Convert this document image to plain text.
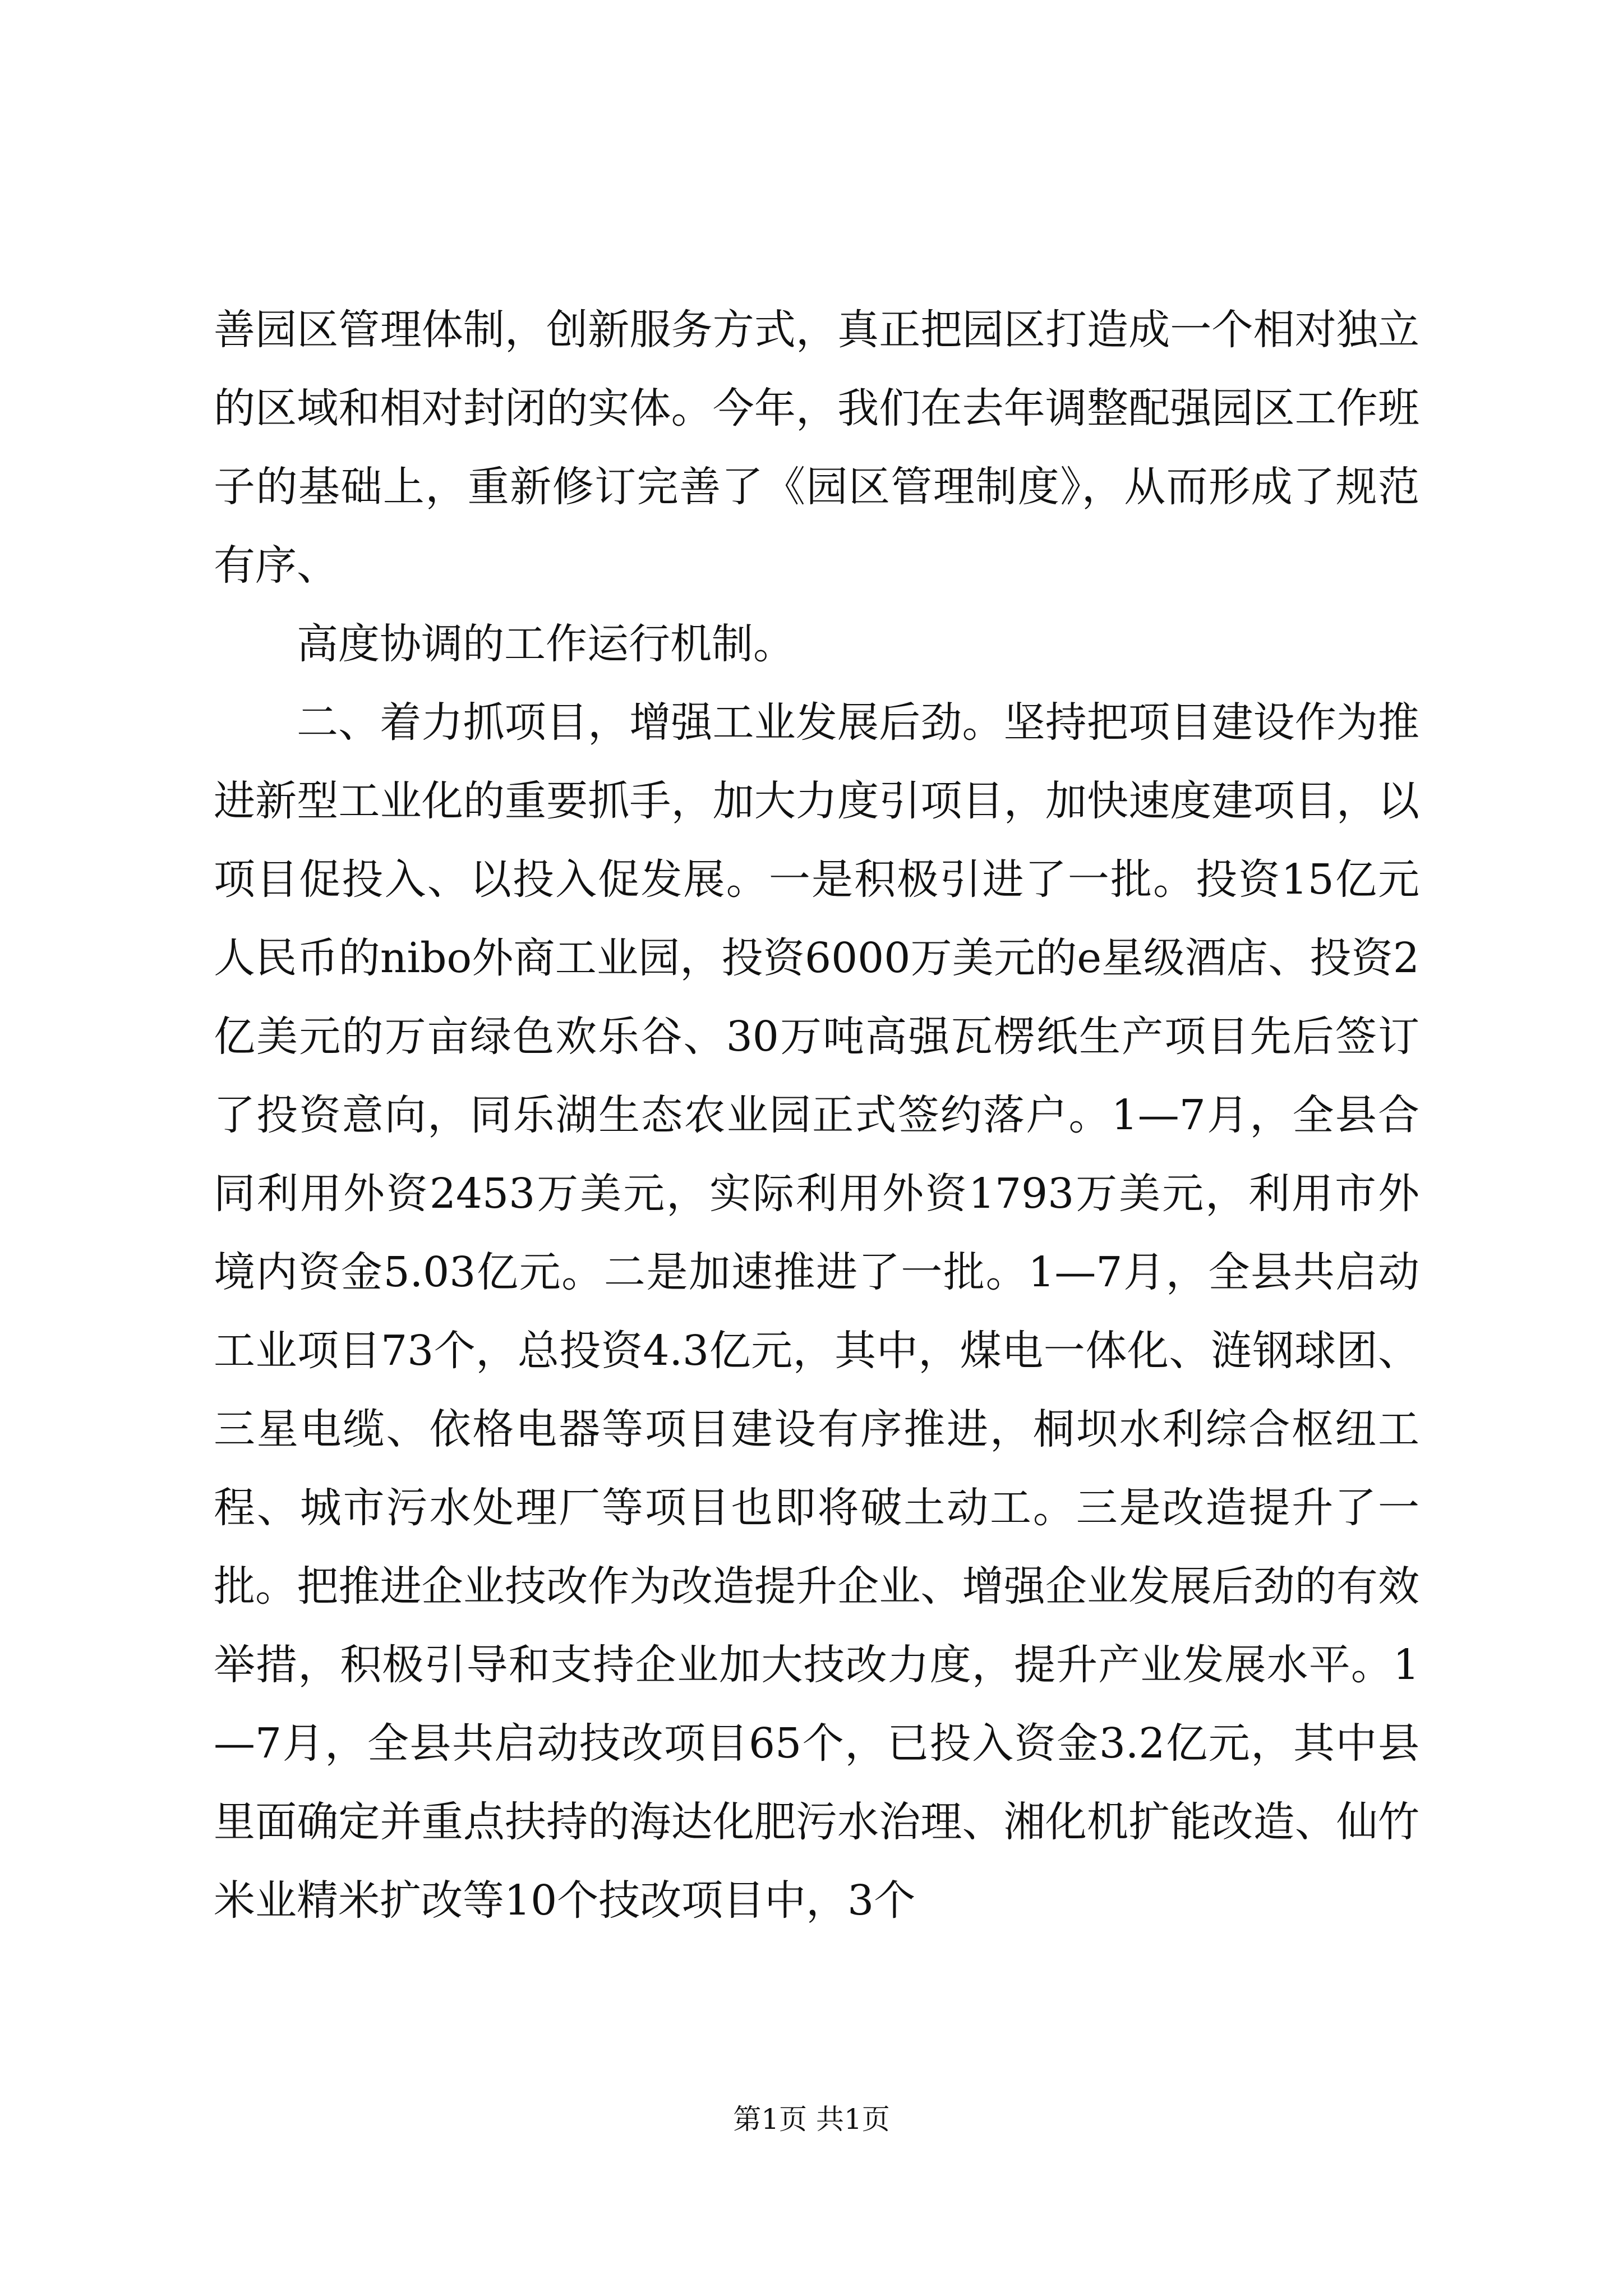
善园区管理体制，创新服务方式，真正把园区打造成一个相对独立的区域和相对封闭的实体。今年，我们在去年调整配强园区工作班子的基础上，重新修订完善了《园区管理制度》，从而形成了规范有序、

高度协调的工作运行机制。

二、着力抓项目，增强工业发展后劲。坚持把项目建设作为推进新型工业化的重要抓手，加大力度引项目，加快速度建项目，以项目促投入、以投入促发展。一是积极引进了一批。投资15亿元人民币的nibo外商工业园，投资6000万美元的e星级酒店、投资2亿美元的万亩绿色欢乐谷、30万吨高强瓦楞纸生产项目先后签订了投资意向，同乐湖生态农业园正式签约落户。1—7月，全县合同利用外资2453万美元，实际利用外资1793万美元，利用市外境内资金5.03亿元。二是加速推进了一批。1—7月，全县共启动工业项目73个，总投资4.3亿元，其中，煤电一体化、涟钢球团、三星电缆、依格电器等项目建设有序推进，桐坝水利综合枢纽工程、城市污水处理厂等项目也即将破土动工。三是改造提升了一批。把推进企业技改作为改造提升企业、增强企业发展后劲的有效举措，积极引导和支持企业加大技改力度，提升产业发展水平。1—7月，全县共启动技改项目65个，已投入资金3.2亿元，其中县里面确定并重点扶持的海达化肥污水治理、湘化机扩能改造、仙竹米业精米扩改等10个技改项目中，3个

第1页 共1页
